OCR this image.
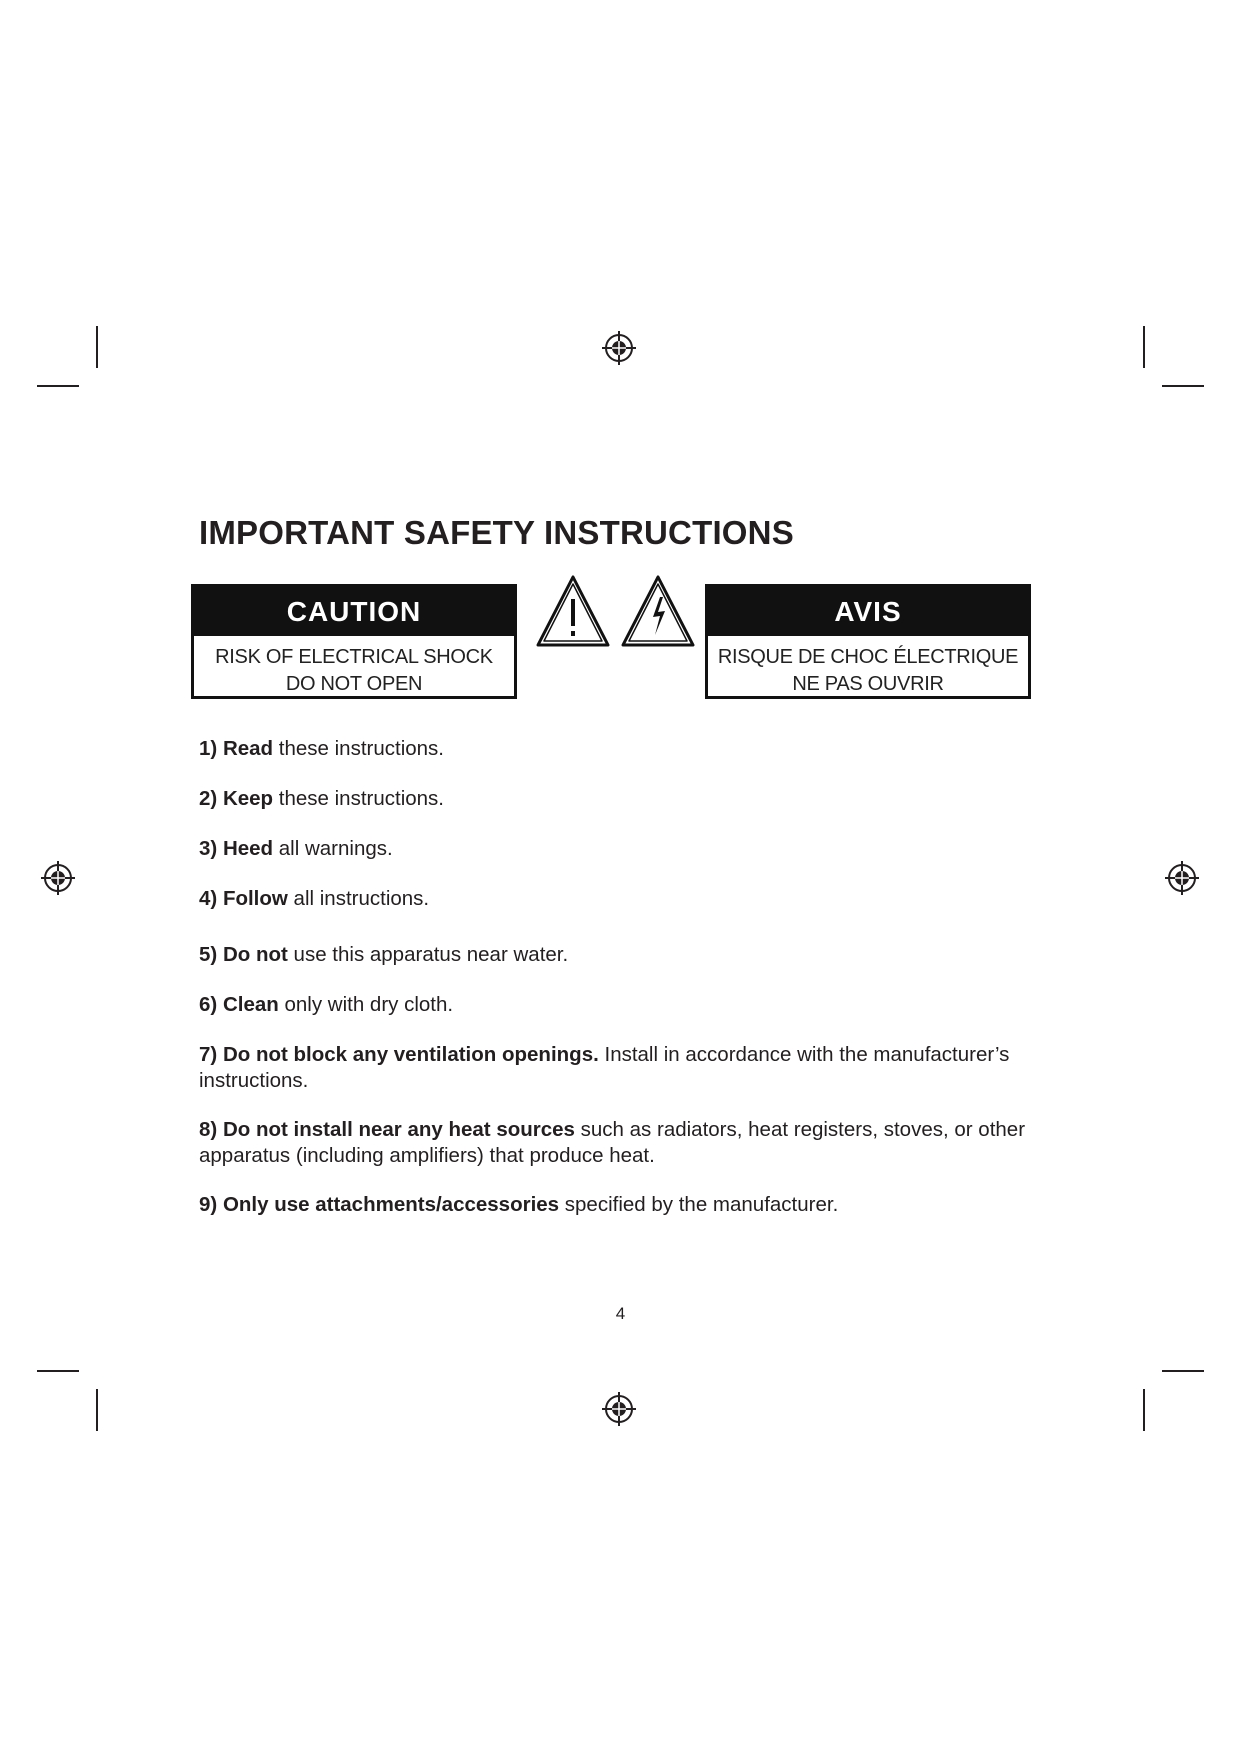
IMPORTANT SAFETY INSTRUCTIONS
CAUTION
RISK OF ELECTRICAL SHOCK
DO NOT OPEN
AVIS
RISQUE DE CHOC ÉLECTRIQUE
NE PAS OUVRIR
1) Read these instructions.
2) Keep these instructions.
3) Heed all warnings.
4) Follow all instructions.
5) Do not use this apparatus near water.
6) Clean only with dry cloth.
7) Do not block any ventilation openings. Install in accordance with the manufacturer’s instructions.
8) Do not install near any heat sources such as radiators, heat registers, stoves, or other apparatus (including amplifiers) that produce heat.
9) Only use attachments/accessories specified by the manufacturer.
4
